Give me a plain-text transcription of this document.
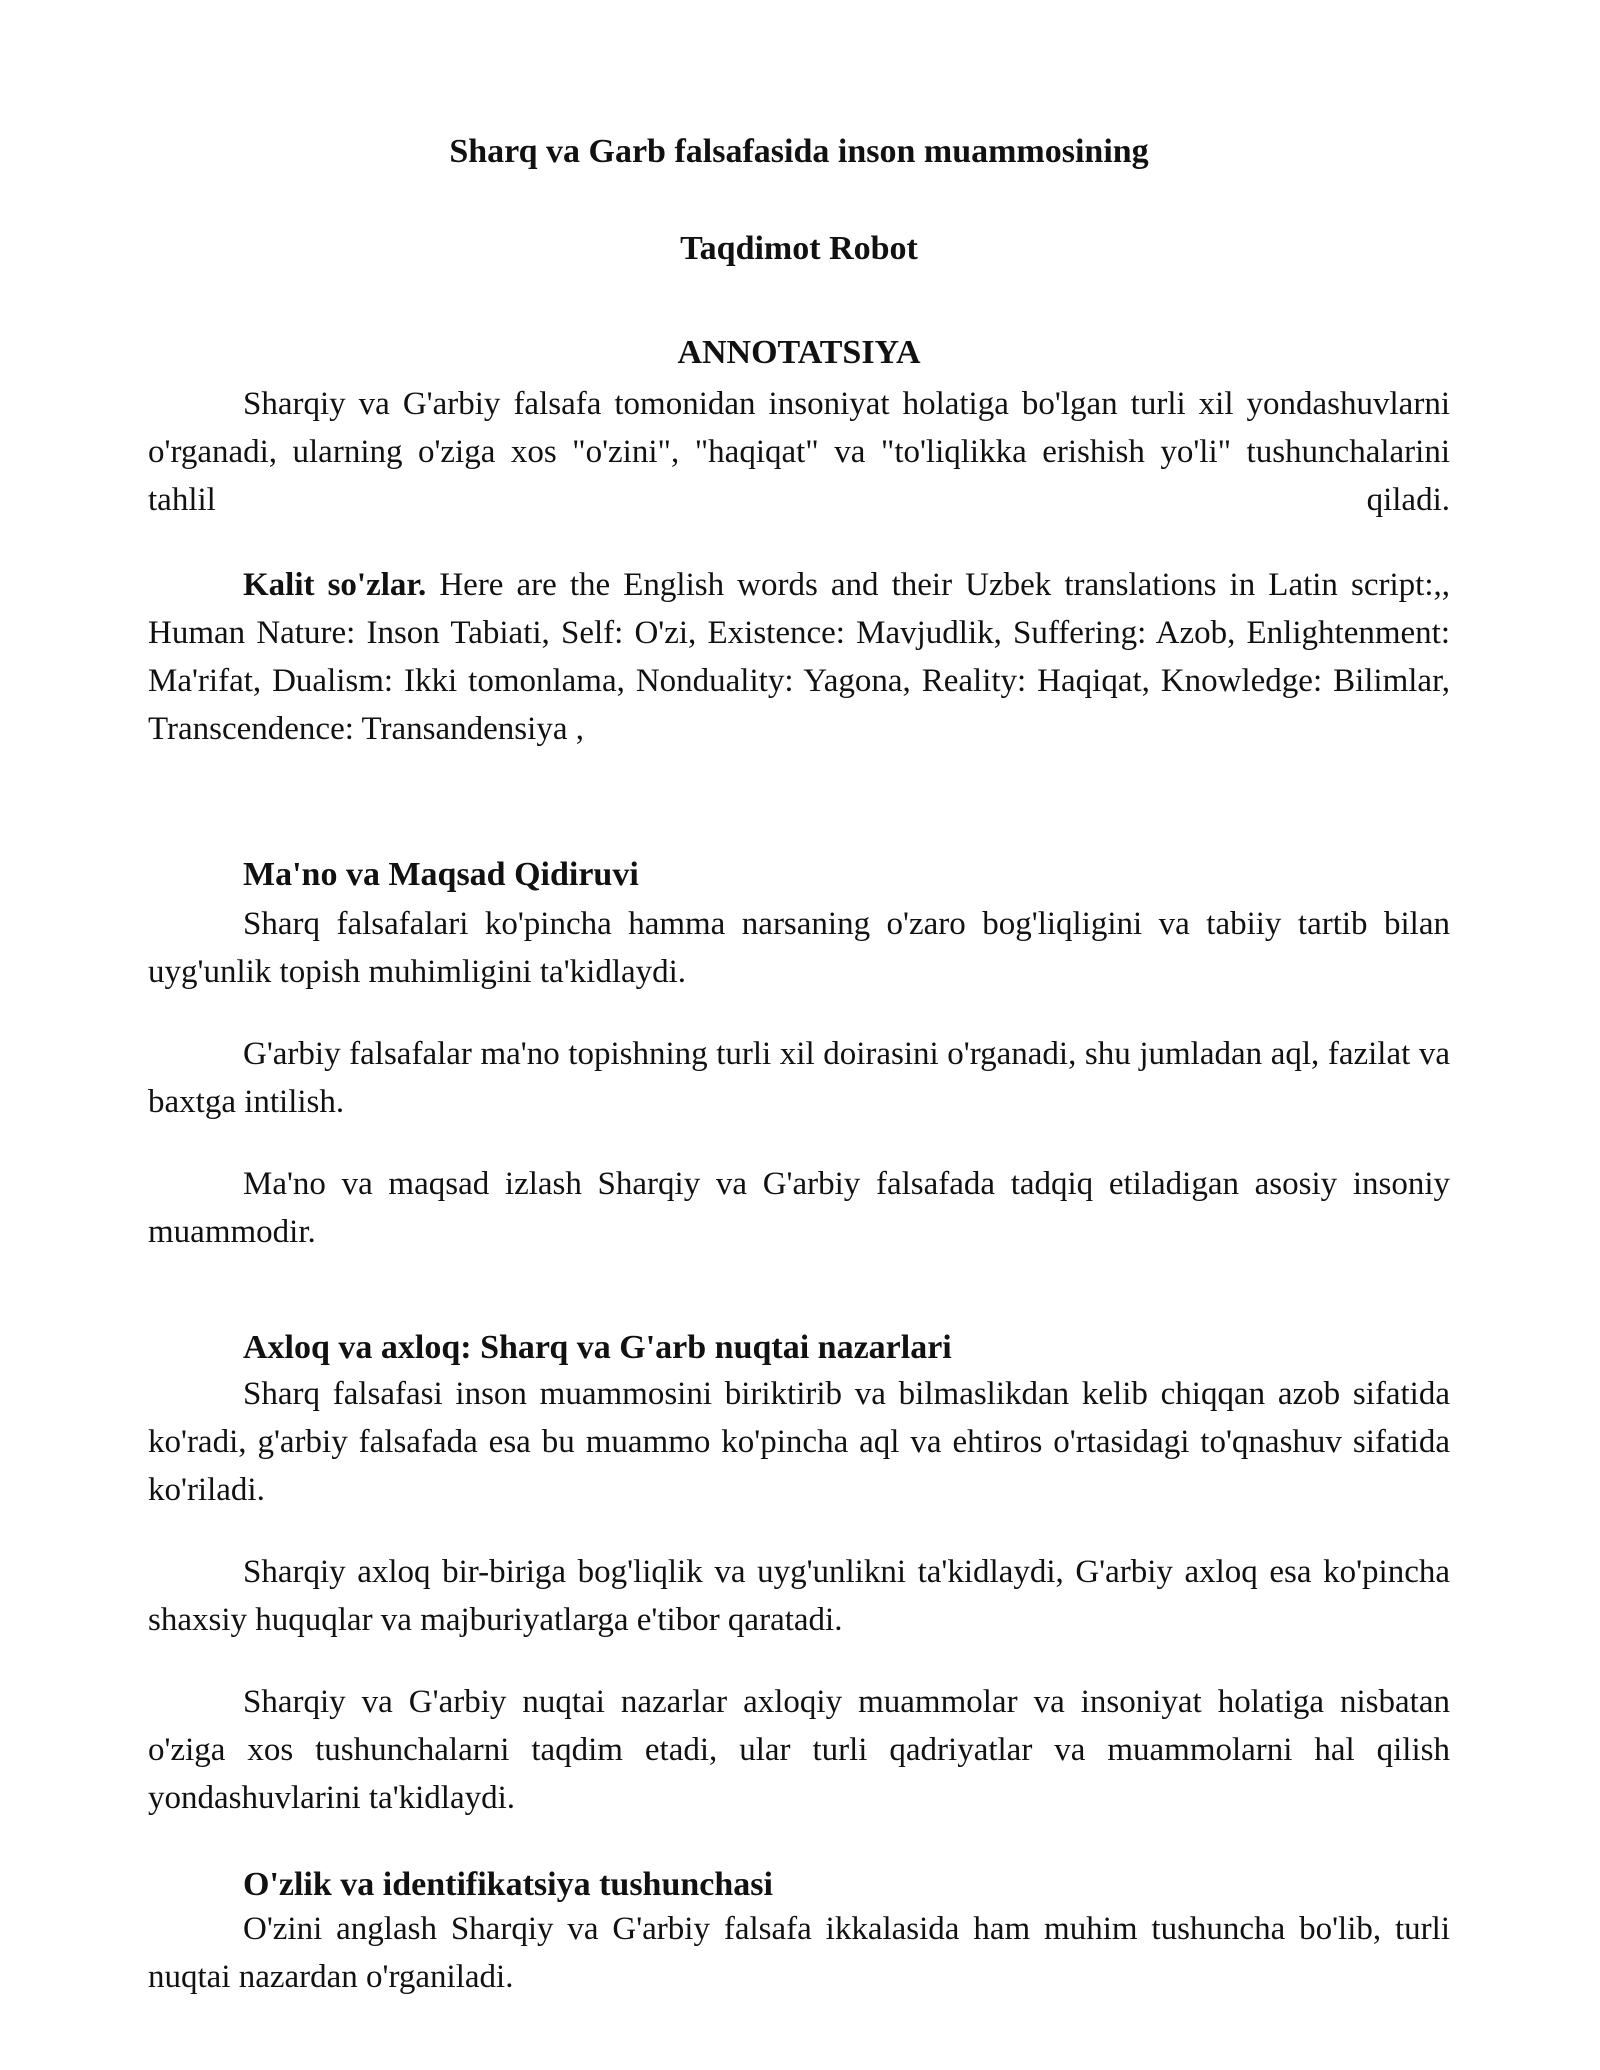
Sharq va Garb falsafasida inson muammosining
Taqdimot Robot
ANNOTATSIYA

Sharqiy va G'arbiy falsafa tomonidan insoniyat holatiga bo'lgan turli xil yondashuvlarni o'rganadi, ularning o'ziga xos "o'zini", "haqiqat" va "to'liqlikka erishish yo'li" tushunchalarini tahlil qiladi.

Kalit so'zlar. Here are the English words and their Uzbek translations in Latin script:,, Human Nature: Inson Tabiati, Self: O'zi, Existence: Mavjudlik, Suffering: Azob, Enlightenment: Ma'rifat, Dualism: Ikki tomonlama, Nonduality: Yagona, Reality: Haqiqat, Knowledge: Bilimlar, Transcendence: Transandensiya ,

Ma'no va Maqsad Qidiruvi

Sharq falsafalari ko'pincha hamma narsaning o'zaro bog'liqligini va tabiiy tartib bilan uyg'unlik topish muhimligini ta'kidlaydi.

G'arbiy falsafalar ma'no topishning turli xil doirasini o'rganadi, shu jumladan aql, fazilat va baxtga intilish.

Ma'no va maqsad izlash Sharqiy va G'arbiy falsafada tadqiq etiladigan asosiy insoniy muammodir.

Axloq va axloq: Sharq va G'arb nuqtai nazarlari

Sharq falsafasi inson muammosini biriktirib va bilmaslikdan kelib chiqqan azob sifatida ko'radi, g'arbiy falsafada esa bu muammo ko'pincha aql va ehtiros o'rtasidagi to'qnashuv sifatida ko'riladi.

Sharqiy axloq bir-biriga bog'liqlik va uyg'unlikni ta'kidlaydi, G'arbiy axloq esa ko'pincha shaxsiy huquqlar va majburiyatlarga e'tibor qaratadi.

Sharqiy va G'arbiy nuqtai nazarlar axloqiy muammolar va insoniyat holatiga nisbatan o'ziga xos tushunchalarni taqdim etadi, ular turli qadriyatlar va muammolarni hal qilish yondashuvlarini ta'kidlaydi.

O'zlik va identifikatsiya tushunchasi

O'zini anglash Sharqiy va G'arbiy falsafa ikkalasida ham muhim tushuncha bo'lib, turli nuqtai nazardan o'rganiladi.
